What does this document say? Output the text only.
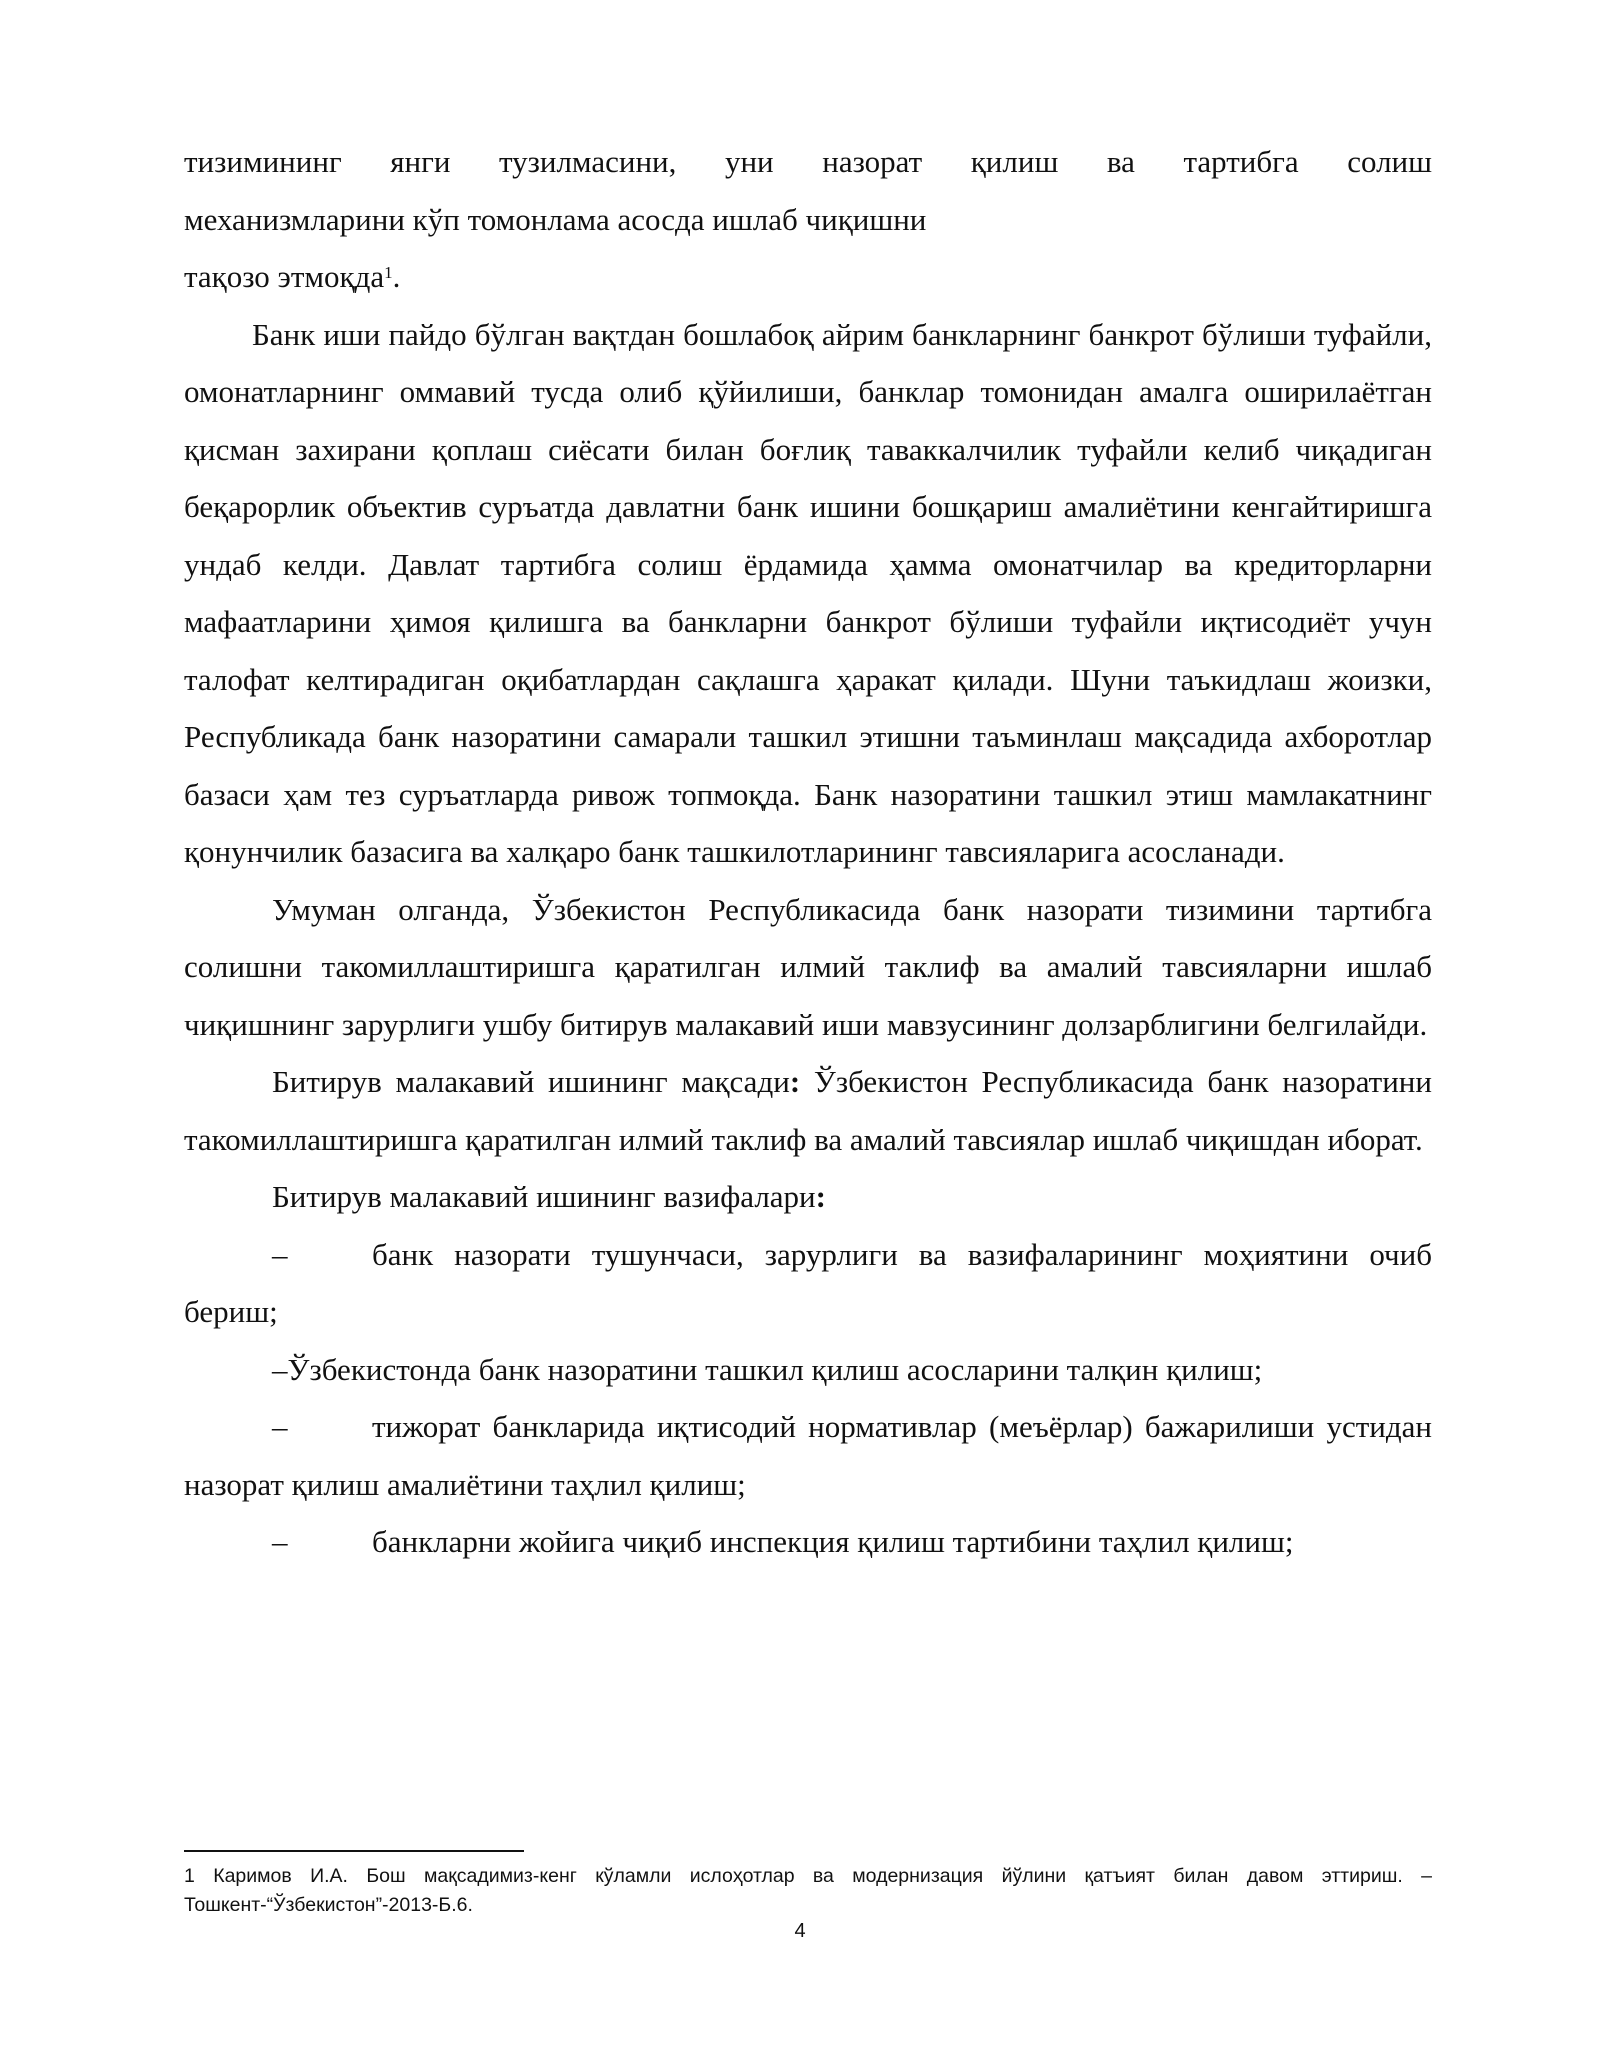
тизимининг янги тузилмасини, уни назорат қилиш ва тартибга солиш
механизмларини кўп томонлама асосда ишлаб чиқишни
тақозо этмоқда$^1$.

Банк иши пайдо бўлган вақтдан бошлабоқ айрим банкларнинг банкрот бўлиши туфайли, омонатларнинг оммавий тусда олиб қўйилиши, банклар томонидан амалга оширилаётган қисман захирани қоплаш сиёсати билан боғлиқ таваккалчилик туфайли келиб чиқадиган беқарорлик объектив суръатда давлатни банк ишини бошқариш амалиётини кенгайтиришга ундаб келди. Давлат тартибга солиш ёрдамида ҳамма омонатчилар ва кредиторларни мафаатларини ҳимоя қилишга ва банкларни банкрот бўлиши туфайли иқтисодиёт учун талофат келтирадиган оқибатлардан сақлашга ҳаракат қилади. Шуни таъкидлаш жоизки, Республикада банк назоратини самарали ташкил этишни таъминлаш мақсадида ахборотлар базаси ҳам тез суръатларда ривож топмоқда. Банк назоратини ташкил этиш мамлакатнинг қонунчилик базасига ва халқаро банк ташкилотларининг тавсияларига асосланади.

Умуман олганда, Ўзбекистон Республикасида банк назорати тизимини тартибга солишни такомиллаштиришга қаратилган илмий таклиф ва амалий тавсияларни ишлаб чиқишнинг зарурлиги ушбу битирув малакавий иши мавзусининг долзарблигини белгилайди.

Битирув малакавий ишининг мақсади: Ўзбекистон Республикасида банк назоратини такомиллаштиришга қаратилган илмий таклиф ва амалий тавсиялар ишлаб чиқишдан иборат.

Битирув малакавий ишининг вазифалари:

–	банк назорати тушунчаси, зарурлиги ва вазифаларининг моҳиятини очиб бериш;

–Ўзбекистонда банк назоратини ташкил қилиш асосларини талқин қилиш;

–	тижорат банкларида иқтисодий нормативлар (меъёрлар) бажарилиши устидан назорат қилиш амалиётини таҳлил қилиш;

–	банкларни жойига чиқиб инспекция қилиш тартибини таҳлил қилиш;

1 Каримов И.А. Бош мақсадимиз-кенг кўламли ислоҳотлар ва модернизация йўлини қатъият билан давом эттириш. – Тошкент-“Ўзбекистон”-2013-Б.6.
4
